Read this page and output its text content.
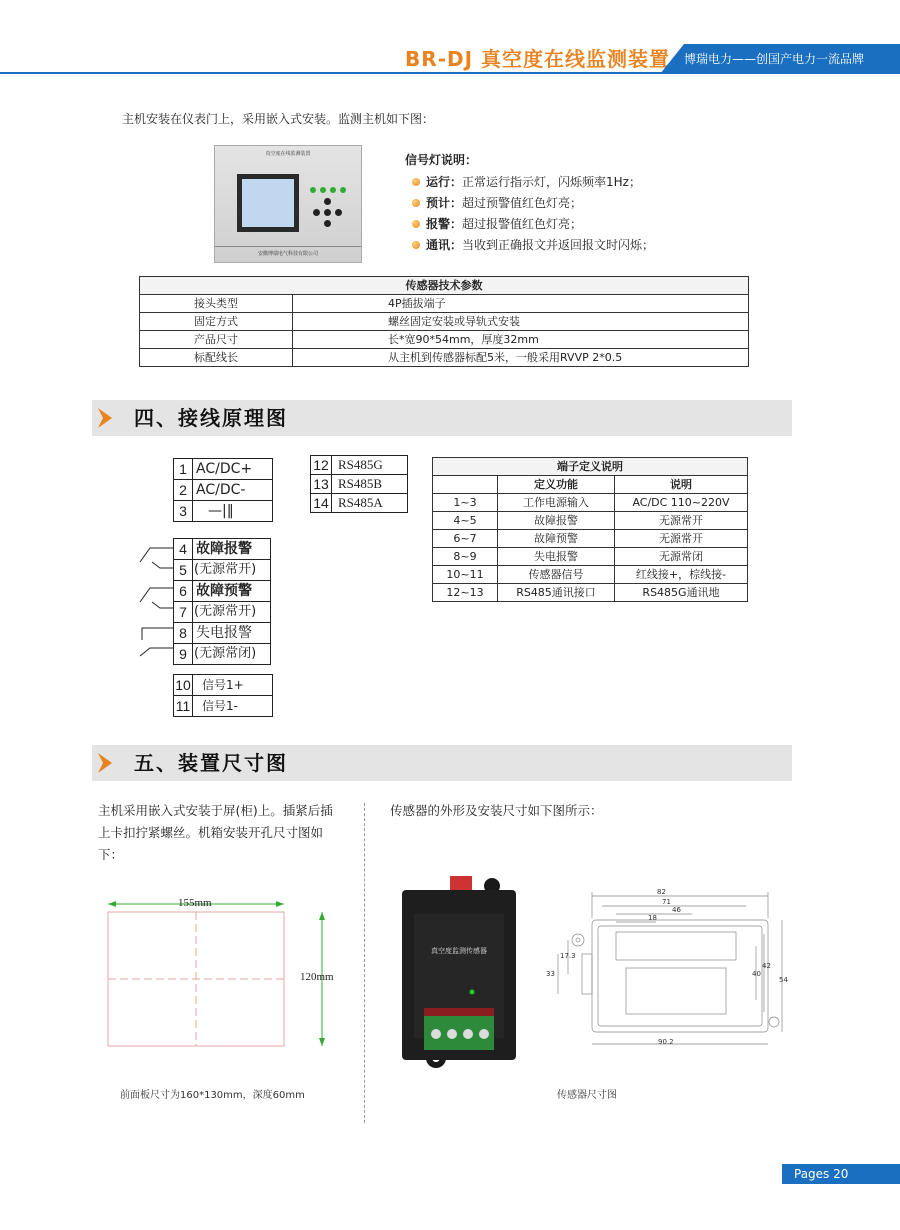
BR-DJ 真空度在线监测装置 博瑞电力——创国产电力一流品牌
主机安装在仪表门上，采用嵌入式安装。监测主机如下图：
真空度在线监测装置
安徽博瑞电气科技有限公司
信号灯说明：
运行：正常运行指示灯，闪烁频率1Hz；
预计：超过预警值红色灯亮；
报警：超过报警值红色灯亮；
通讯：当收到正确报文并返回报文时闪烁；
传感器技术参数	
接头类型	4P插拔端子
固定方式	螺丝固定安装或导轨式安装
产品尺寸	长*宽90*54mm，厚度32mm
标配线长	从主机到传感器标配5米，一般采用RVVP 2*0.5
四、接线原理图
1 AC/DC+
2 AC/DC-
3	—|‖
12 RS485G
13 RS485B
14 RS485A
4 故障报警
5 (无源常开)
6 故障预警
7 (无源常开)
8 失电报警
9 (无源常闭)
10 信号1+
11 信号1-
端子定义说明		
	定义功能	说明
1~3	工作电源输入	AC/DC 110~220V
4~5	故障报警	无源常开
6~7	故障预警	无源常开
8~9	失电报警	无源常闭
10~11	传感器信号	红线接+，棕线接-
12~13	RS485通讯接口	RS485G通讯地
五、装置尺寸图
主机采用嵌入式安装于屏(柜)上。插紧后插上卡扣拧紧螺丝。机箱安装开孔尺寸图如下：
155mm
120mm
前面板尺寸为160*130mm，深度60mm
传感器的外形及安装尺寸如下图所示：
真空度监测传感器
82
71
46
18
33
17.3
40
42
54
90.2
传感器尺寸图
Pages 20
